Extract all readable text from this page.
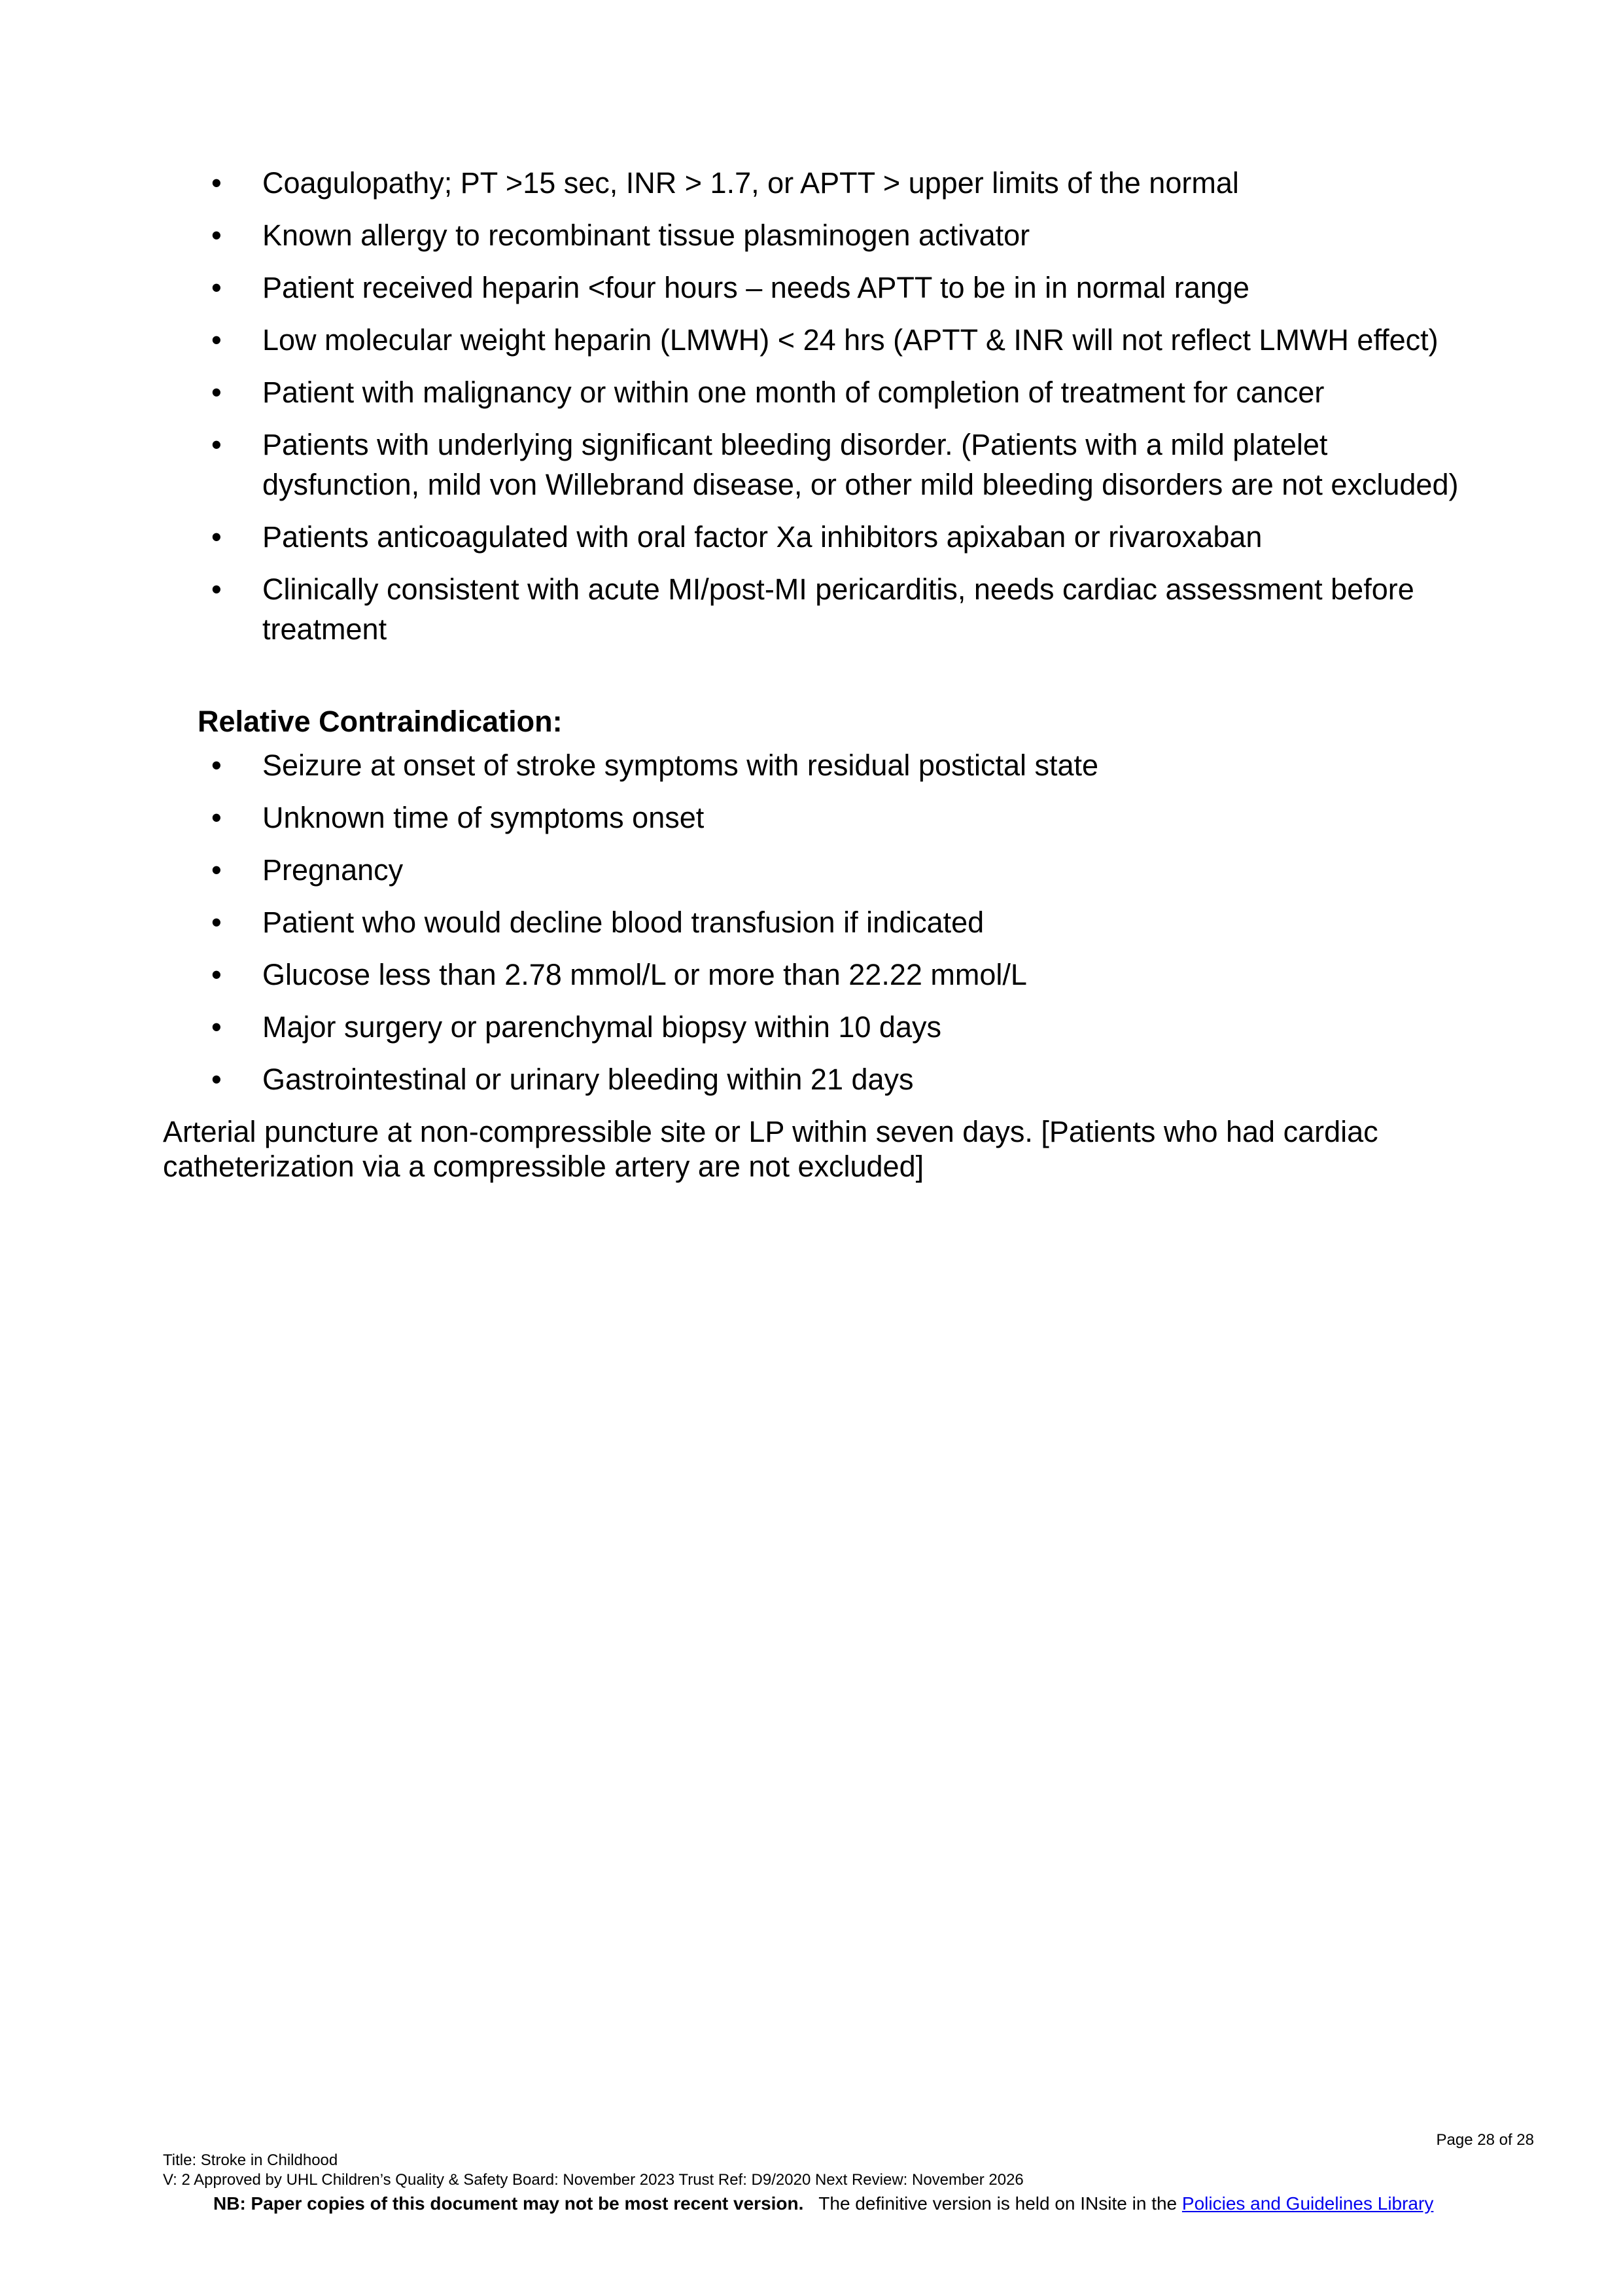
• Coagulopathy; PT >15 sec, INR > 1.7, or APTT > upper limits of the normal
• Known allergy to recombinant tissue plasminogen activator
• Patient received heparin <four hours – needs APTT to be in in normal range
• Low molecular weight heparin (LMWH) < 24 hrs (APTT & INR will not reflect LMWH effect)
• Patient with malignancy or within one month of completion of treatment for cancer
• Patients with underlying significant bleeding disorder. (Patients with a mild platelet dysfunction, mild von Willebrand disease, or other mild bleeding disorders are not excluded)
• Patients anticoagulated with oral factor Xa inhibitors apixaban or rivaroxaban
• Clinically consistent with acute MI/post-MI pericarditis, needs cardiac assessment before treatment
Relative Contraindication:
• Seizure at onset of stroke symptoms with residual postictal state
• Unknown time of symptoms onset
• Pregnancy
• Patient who would decline blood transfusion if indicated
• Glucose less than 2.78 mmol/L or more than 22.22 mmol/L
• Major surgery or parenchymal biopsy within 10 days
• Gastrointestinal or urinary bleeding within 21 days
Arterial puncture at non-compressible site or LP within seven days. [Patients who had cardiac catheterization via a compressible artery are not excluded]
Page 28 of 28
Title: Stroke in Childhood
V: 2 Approved by UHL Children’s Quality & Safety Board: November 2023 Trust Ref: D9/2020 Next Review: November 2026
NB: Paper copies of this document may not be most recent version. The definitive version is held on INsite in the Policies and Guidelines Library
